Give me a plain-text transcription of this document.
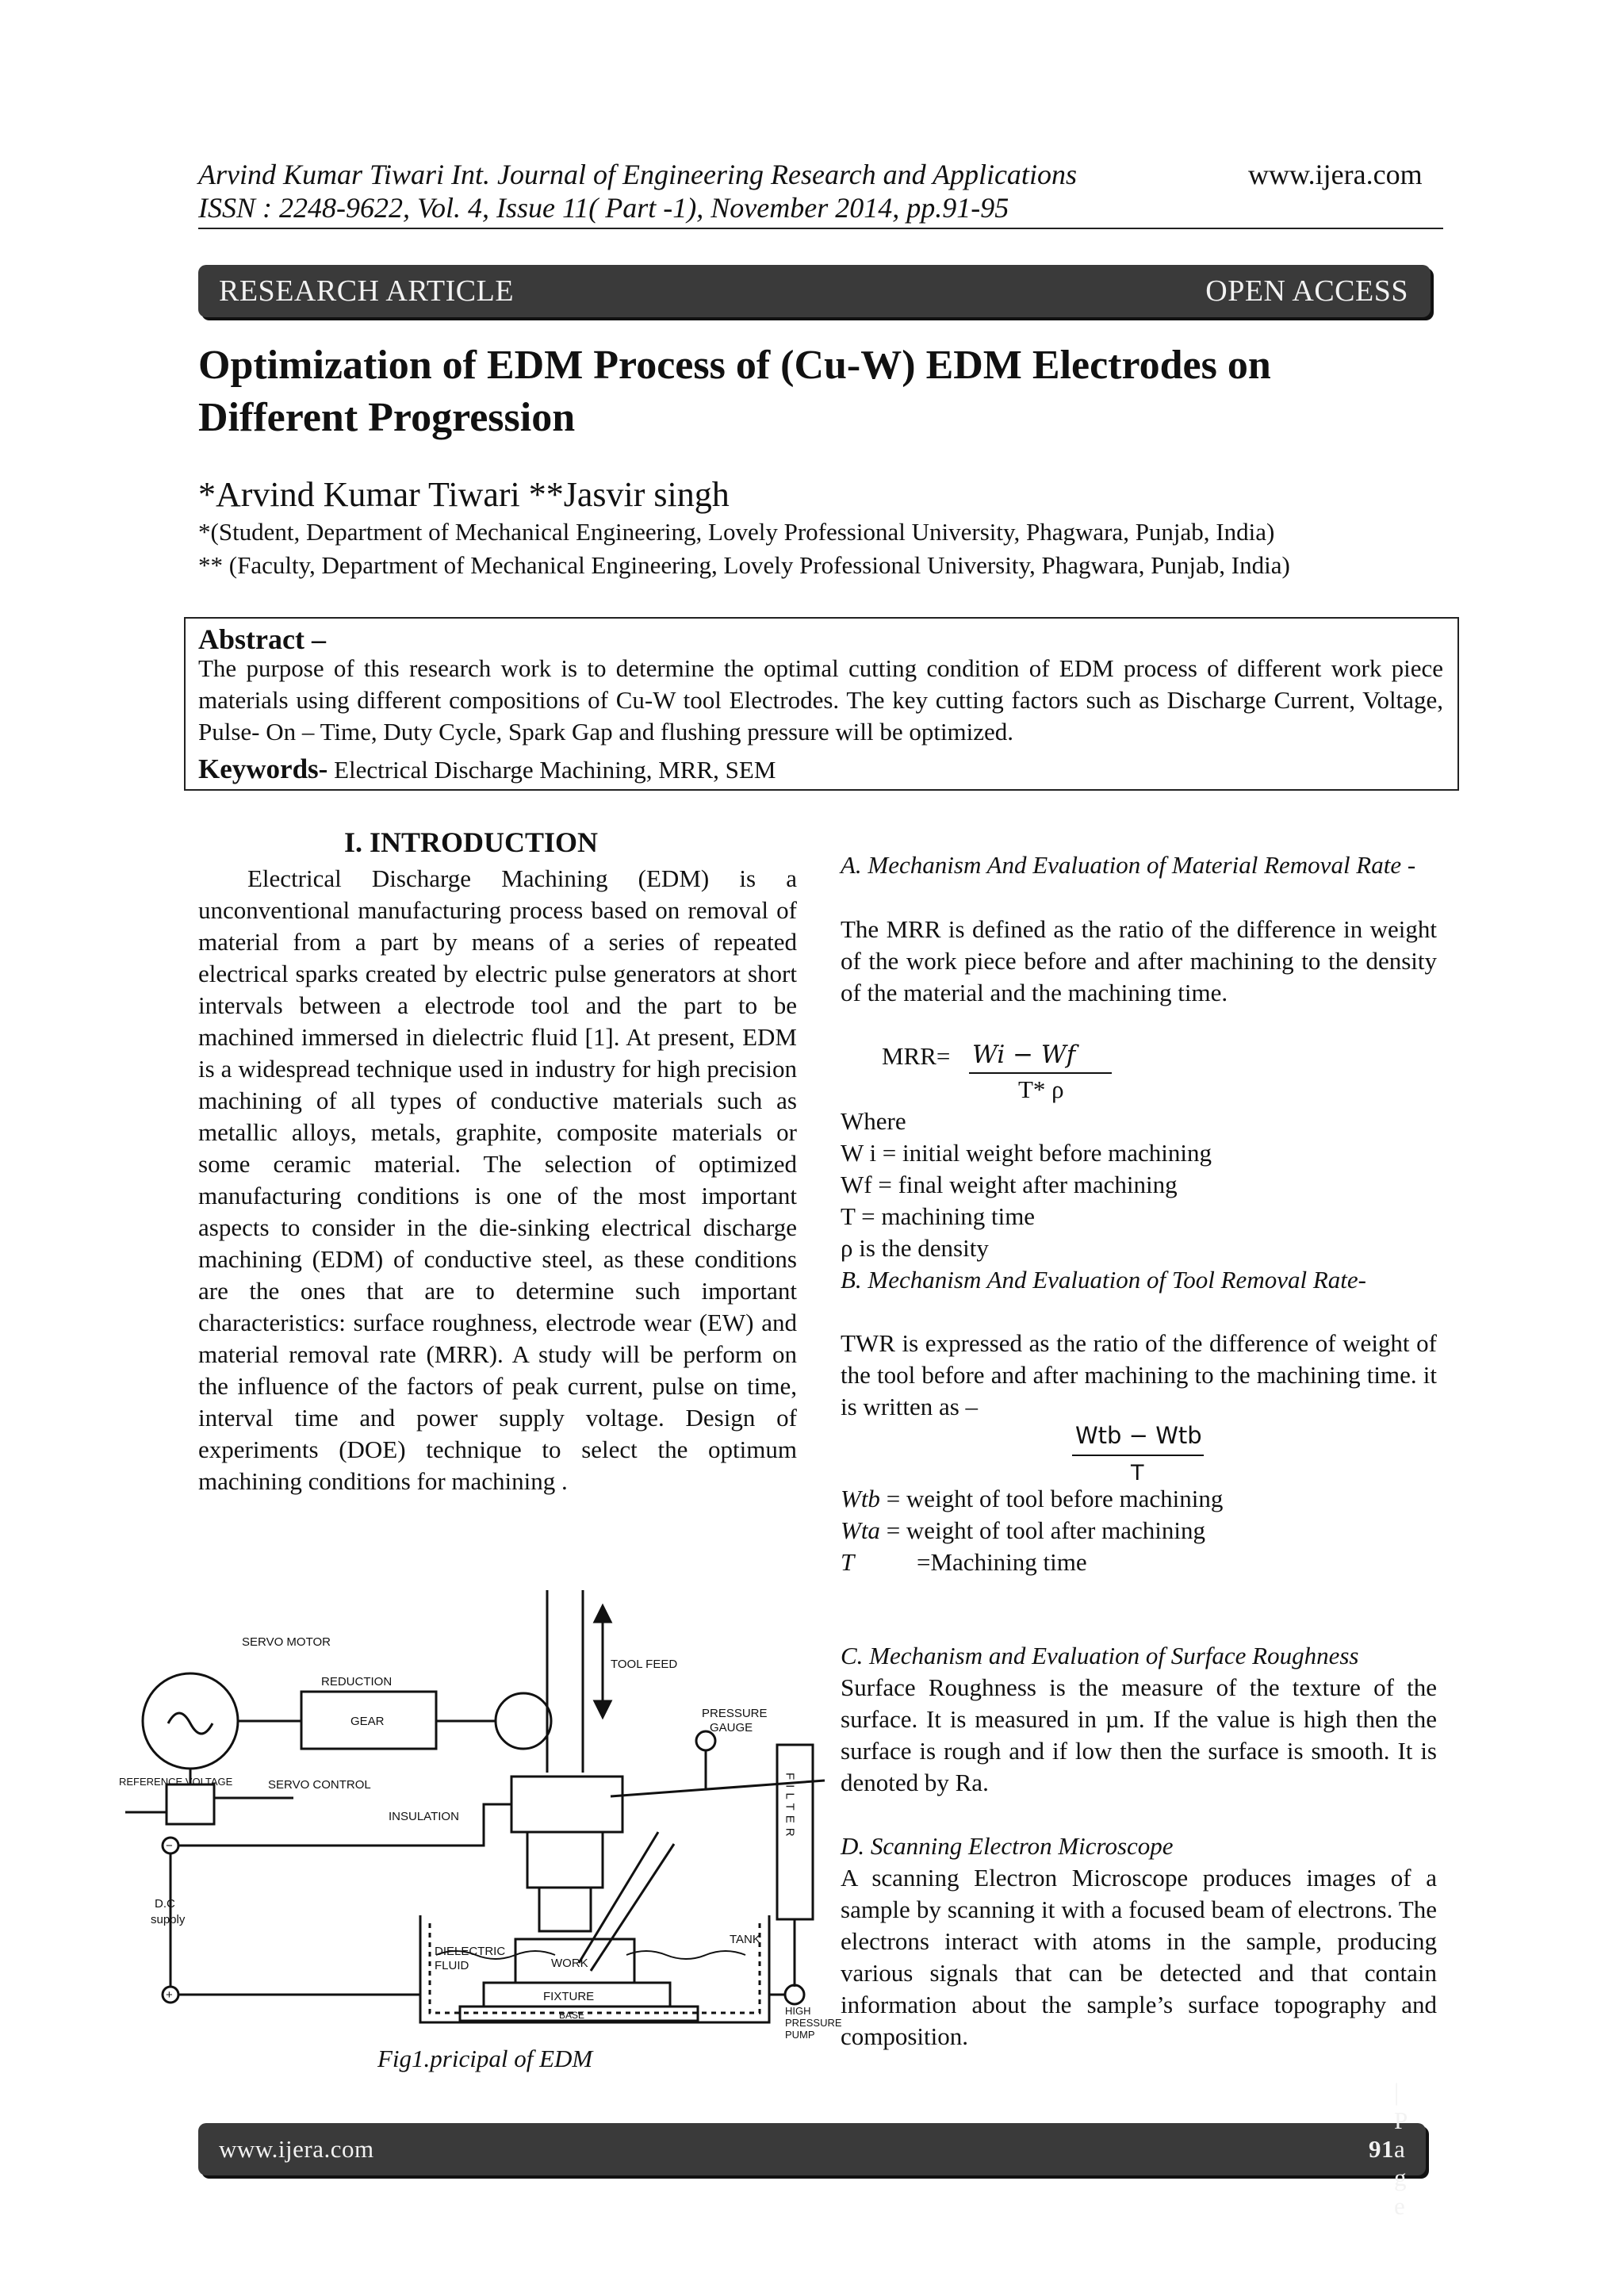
Arvind Kumar Tiwari Int. Journal of Engineering Research and Applications
ISSN : 2248-9622, Vol. 4, Issue 11( Part -1), November 2014, pp.91-95
www.ijera.com
RESEARCH ARTICLE	OPEN ACCESS
Optimization of EDM Process of (Cu-W) EDM Electrodes on
Different Progression
*Arvind Kumar Tiwari **Jasvir singh
*(Student, Department of Mechanical Engineering, Lovely Professional University, Phagwara, Punjab, India)
** (Faculty, Department of Mechanical Engineering, Lovely Professional University, Phagwara, Punjab, India)
Abstract –
The purpose of this research work is to determine the optimal cutting condition of EDM process of different work piece materials using different compositions of Cu-W tool Electrodes. The key cutting factors such as Discharge Current, Voltage, Pulse- On – Time, Duty Cycle, Spark Gap and flushing pressure will be optimized.
Keywords- Electrical Discharge Machining, MRR, SEM
I. INTRODUCTION
Electrical Discharge Machining (EDM) is a unconventional manufacturing process based on removal of material from a part by means of a series of repeated electrical sparks created by electric pulse generators at short intervals between a electrode tool and the part to be machined immersed in dielectric fluid [1]. At present, EDM is a widespread technique used in industry for high precision machining of all types of conductive materials such as metallic alloys, metals, graphite, composite materials or some ceramic material. The selection of optimized manufacturing conditions is one of the most important aspects to consider in the die-sinking electrical discharge machining (EDM) of conductive steel, as these conditions are the ones that are to determine such important characteristics: surface roughness, electrode wear (EW) and material removal rate (MRR). A study will be perform on the influence of the factors of peak current, pulse on time, interval time and power supply voltage. Design of experiments (DOE) technique to select the optimum machining conditions for machining .
SERVO MOTOR
REDUCTION
GEAR
REFERENCE VOLTAGE	SERVO CONTROL
INSULATION
D.C
supply
TOOL FEED
PRESSURE
GAUGE
FILTER
DIELECTRIC
FLUID	WORK
FIXTURE
BASE
TANK
HIGH
PRESSURE
PUMP
−
+
Fig1.pricipal of EDM
A. Mechanism And Evaluation of Material Removal Rate -
The MRR is defined as the ratio of the difference in weight of the work piece before and after machining to the density of the material and the machining time.
MRR= Wi − Wf
T* ρ
Where
W i = initial weight before machining
Wf = final weight after machining
T = machining time
ρ is the density
B. Mechanism And Evaluation of Tool Removal Rate-
TWR is expressed as the ratio of the difference of weight of the tool before and after machining to the machining time. it is written as –
Wtb − Wtb
T
Wtb = weight of tool before machining
Wta = weight of tool after machining
T	=Machining time
C. Mechanism and Evaluation of Surface Roughness
Surface Roughness is the measure of the texture of the surface. It is measured in µm. If the value is high then the surface is rough and if low then the surface is smooth. It is denoted by Ra.
D. Scanning Electron Microscope
A scanning Electron Microscope produces images of a sample by scanning it with a focused beam of electrons. The electrons interact with atoms in the sample, producing various signals that can be detected and that contain information about the sample’s surface topography and composition.
www.ijera.com	91
| P a g e
